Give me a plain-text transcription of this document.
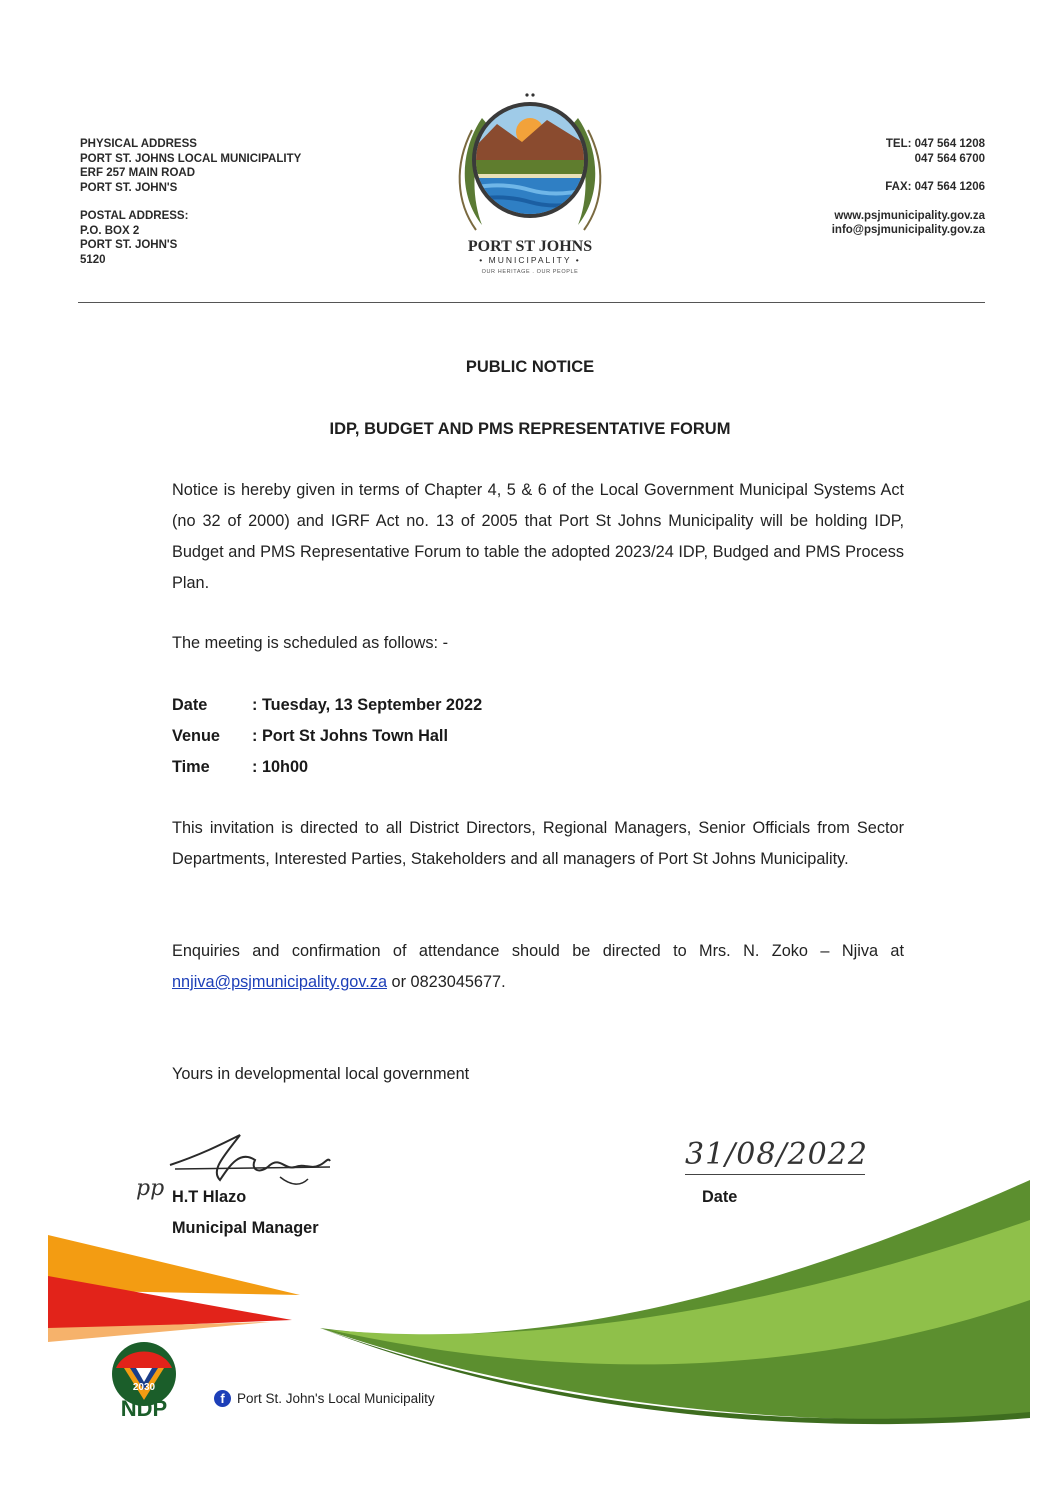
PHYSICAL ADDRESS
PORT ST. JOHNS LOCAL MUNICIPALITY
ERF 257 MAIN ROAD
PORT ST. JOHN'S
POSTAL ADDRESS:
P.O. BOX 2
PORT ST. JOHN'S
5120
TEL: 047 564 1208
047 564 6700
FAX: 047 564 1206
www.psjmunicipality.gov.za
info@psjmunicipality.gov.za
PORT ST JOHNS
• MUNICIPALITY •
OUR HERITAGE . OUR PEOPLE
PUBLIC NOTICE
IDP, BUDGET AND PMS REPRESENTATIVE FORUM
Notice is hereby given in terms of Chapter 4, 5 & 6 of the Local Government Municipal Systems Act (no 32 of 2000) and IGRF Act no. 13 of 2005 that Port St Johns Municipality will be holding IDP, Budget and PMS Representative Forum to table the adopted 2023/24 IDP, Budged and PMS Process Plan.
The meeting is scheduled as follows: -
Date	: Tuesday, 13 September 2022
Venue : Port St Johns Town Hall
Time	: 10h00
This invitation is directed to all District Directors, Regional Managers, Senior Officials from Sector Departments, Interested Parties, Stakeholders and all managers of Port St Johns Municipality.
Enquiries and confirmation of attendance should be directed to Mrs. N. Zoko – Njiva at nnjiva@psjmunicipality.gov.za or 0823045677.
Yours in developmental local government
pp H.T Hlazo
Municipal Manager
31/08/2022
Date
2030
NDP	f Port St. John's Local Municipality
